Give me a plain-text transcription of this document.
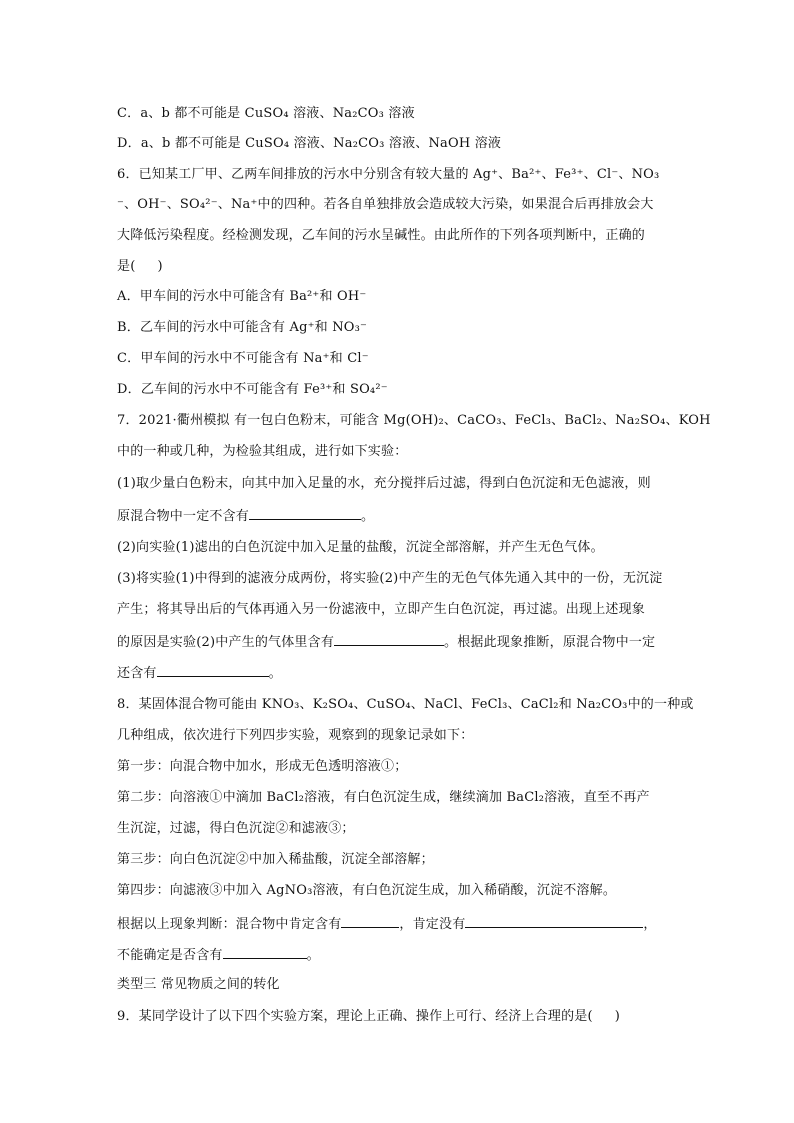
C．a、b 都不可能是 CuSO₄ 溶液、Na₂CO₃ 溶液
D．a、b 都不可能是 CuSO₄ 溶液、Na₂CO₃ 溶液、NaOH 溶液
6．已知某工厂甲、乙两车间排放的污水中分别含有较大量的 Ag⁺、Ba²⁺、Fe³⁺、Cl⁻、NO₃
⁻、OH⁻、SO₄²⁻、Na⁺中的四种。若各自单独排放会造成较大污染，如果混合后再排放会大
大降低污染程度。经检测发现，乙车间的污水呈碱性。由此所作的下列各项判断中，正确的
是( )
A．甲车间的污水中可能含有 Ba²⁺和 OH⁻
B．乙车间的污水中可能含有 Ag⁺和 NO₃⁻
C．甲车间的污水中不可能含有 Na⁺和 Cl⁻
D．乙车间的污水中不可能含有 Fe³⁺和 SO₄²⁻
7．2021·衢州模拟 有一包白色粉末，可能含 Mg(OH)₂、CaCO₃、FeCl₃、BaCl₂、Na₂SO₄、KOH
中的一种或几种，为检验其组成，进行如下实验：
(1)取少量白色粉末，向其中加入足量的水，充分搅拌后过滤，得到白色沉淀和无色滤液，则
原混合物中一定不含有	。
(2)向实验(1)滤出的白色沉淀中加入足量的盐酸，沉淀全部溶解，并产生无色气体。
(3)将实验(1)中得到的滤液分成两份，将实验(2)中产生的无色气体先通入其中的一份，无沉淀
产生；将其导出后的气体再通入另一份滤液中，立即产生白色沉淀，再过滤。出现上述现象
的原因是实验(2)中产生的气体里含有	。根据此现象推断，原混合物中一定
还含有	。
8．某固体混合物可能由 KNO₃、K₂SO₄、CuSO₄、NaCl、FeCl₃、CaCl₂和 Na₂CO₃中的一种或
几种组成，依次进行下列四步实验，观察到的现象记录如下：
第一步：向混合物中加水，形成无色透明溶液①；
第二步：向溶液①中滴加 BaCl₂溶液，有白色沉淀生成，继续滴加 BaCl₂溶液，直至不再产
生沉淀，过滤，得白色沉淀②和滤液③；
第三步：向白色沉淀②中加入稀盐酸，沉淀全部溶解；
第四步：向滤液③中加入 AgNO₃溶液，有白色沉淀生成，加入稀硝酸，沉淀不溶解。
根据以上现象判断：混合物中肯定含有	，肯定没有	，
不能确定是否含有	。
类型三 常见物质之间的转化
9．某同学设计了以下四个实验方案，理论上正确、操作上可行、经济上合理的是( )
